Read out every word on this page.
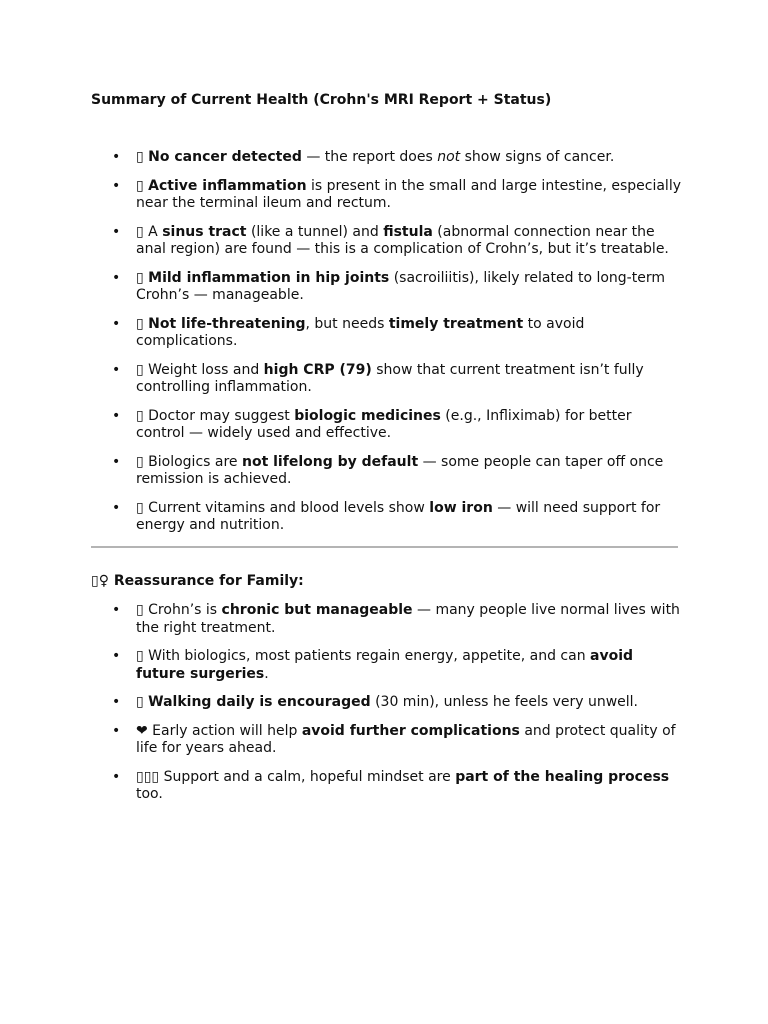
Summary of Current Health (Crohn's MRI Report + Status)
• ▯ No cancer detected — the report does not show signs of cancer.
• ▯ Active inflammation is present in the small and large intestine, especially near the terminal ileum and rectum.
• ▯ A sinus tract (like a tunnel) and fistula (abnormal connection near the anal region) are found — this is a complication of Crohn’s, but it’s treatable.
• ▯ Mild inflammation in hip joints (sacroiliitis), likely related to long-term Crohn’s — manageable.
• ▯ Not life-threatening, but needs timely treatment to avoid complications.
• ▯ Weight loss and high CRP (79) show that current treatment isn’t fully controlling inflammation.
• ▯ Doctor may suggest biologic medicines (e.g., Infliximab) for better control — widely used and effective.
• ▯ Biologics are not lifelong by default — some people can taper off once remission is achieved.
• ▯ Current vitamins and blood levels show low iron — will need support for energy and nutrition.
▯♀ Reassurance for Family:
• ▯ Crohn’s is chronic but manageable — many people live normal lives with the right treatment.
• ▯ With biologics, most patients regain energy, appetite, and can avoid future surgeries.
• ▯ Walking daily is encouraged (30 min), unless he feels very unwell.
• ❤ Early action will help avoid further complications and protect quality of life for years ahead.
• ▯▯▯ Support and a calm, hopeful mindset are part of the healing process too.
